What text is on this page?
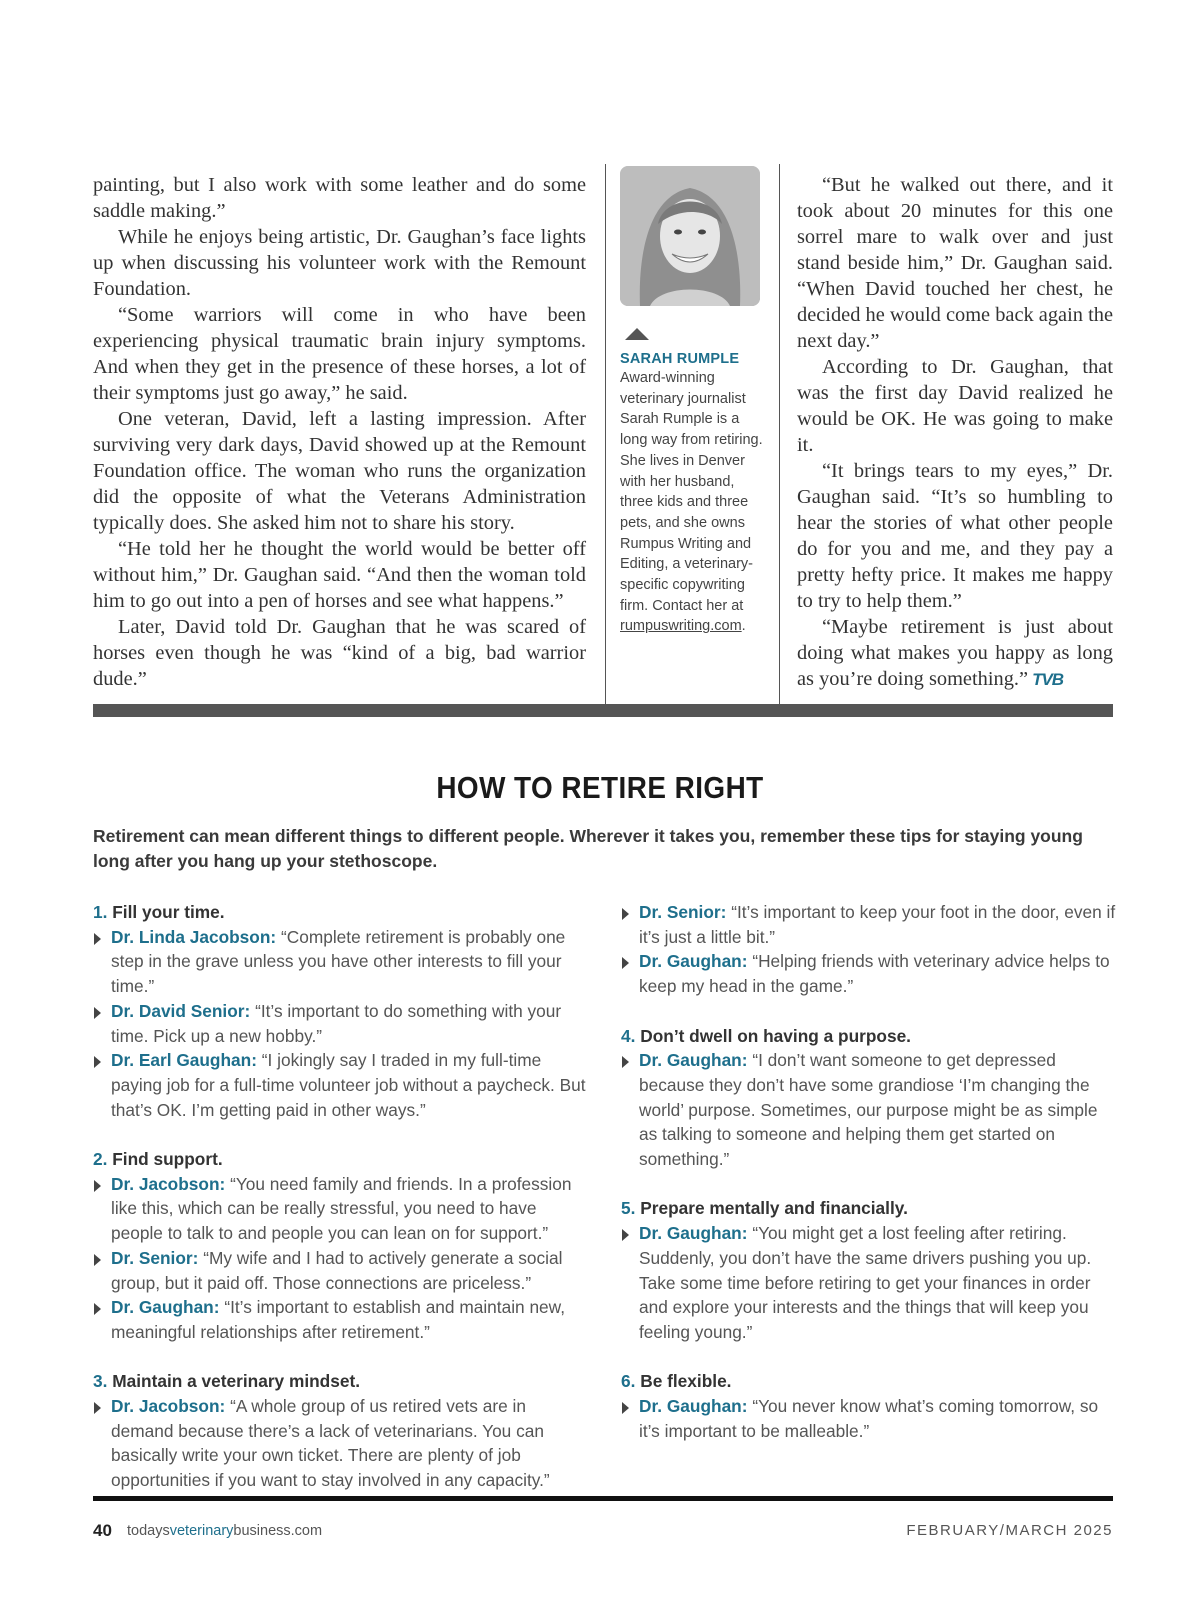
painting, but I also work with some leather and do some saddle making.”

While he enjoys being artistic, Dr. Gaughan’s face lights up when discussing his volunteer work with the Remount Foundation.

“Some warriors will come in who have been experiencing physical traumatic brain injury symptoms. And when they get in the presence of these horses, a lot of their symptoms just go away,” he said.

One veteran, David, left a lasting impression. After surviving very dark days, David showed up at the Remount Foundation office. The woman who runs the organization did the opposite of what the Veterans Administration typically does. She asked him not to share his story.

“He told her he thought the world would be better off without him,” Dr. Gaughan said. “And then the woman told him to go out into a pen of horses and see what happens.”

Later, David told Dr. Gaughan that he was scared of horses even though he was “kind of a big, bad warrior dude.”

SARAH RUMPLE
Award-winning veterinary journalist Sarah Rumple is a long way from retiring. She lives in Denver with her husband, three kids and three pets, and she owns Rumpus Writing and Editing, a veterinary-specific copywriting firm. Contact her at rumpuswriting.com.

“But he walked out there, and it took about 20 minutes for this one sorrel mare to walk over and just stand beside him,” Dr. Gaughan said. “When David touched her chest, he decided he would come back again the next day.”

According to Dr. Gaughan, that was the first day David realized he would be OK. He was going to make it.

“It brings tears to my eyes,” Dr. Gaughan said. “It’s so humbling to hear the stories of what other people do for you and me, and they pay a pretty hefty price. It makes me happy to try to help them.”

“Maybe retirement is just about doing what makes you happy as long as you’re doing something.” TVB

HOW TO RETIRE RIGHT
Retirement can mean different things to different people. Wherever it takes you, remember these tips for staying young long after you hang up your stethoscope.
1. Fill your time.
Dr. Linda Jacobson: “Complete retirement is probably one step in the grave unless you have other interests to fill your time.”
Dr. David Senior: “It’s important to do something with your time. Pick up a new hobby.”
Dr. Earl Gaughan: “I jokingly say I traded in my full-time paying job for a full-time volunteer job without a paycheck. But that’s OK. I’m getting paid in other ways.”
2. Find support.
Dr. Jacobson: “You need family and friends. In a profession like this, which can be really stressful, you need to have people to talk to and people you can lean on for support.”
Dr. Senior: “My wife and I had to actively generate a social group, but it paid off. Those connections are priceless.”
Dr. Gaughan: “It’s important to establish and maintain new, meaningful relationships after retirement.”
3. Maintain a veterinary mindset.
Dr. Jacobson: “A whole group of us retired vets are in demand because there’s a lack of veterinarians. You can basically write your own ticket. There are plenty of job opportunities if you want to stay involved in any capacity.”
Dr. Senior: “It’s important to keep your foot in the door, even if it’s just a little bit.”
Dr. Gaughan: “Helping friends with veterinary advice helps to keep my head in the game.”
4. Don’t dwell on having a purpose.
Dr. Gaughan: “I don’t want someone to get depressed because they don’t have some grandiose ‘I’m changing the world’ purpose. Sometimes, our purpose might be as simple as talking to someone and helping them get started on something.”
5. Prepare mentally and financially.
Dr. Gaughan: “You might get a lost feeling after retiring. Suddenly, you don’t have the same drivers pushing you up. Take some time before retiring to get your finances in order and explore your interests and the things that will keep you feeling young.”
6. Be flexible.
Dr. Gaughan: “You never know what’s coming tomorrow, so it’s important to be malleable.”
40 todaysveterinarybusiness.com	FEBRUARY/MARCH 2025
